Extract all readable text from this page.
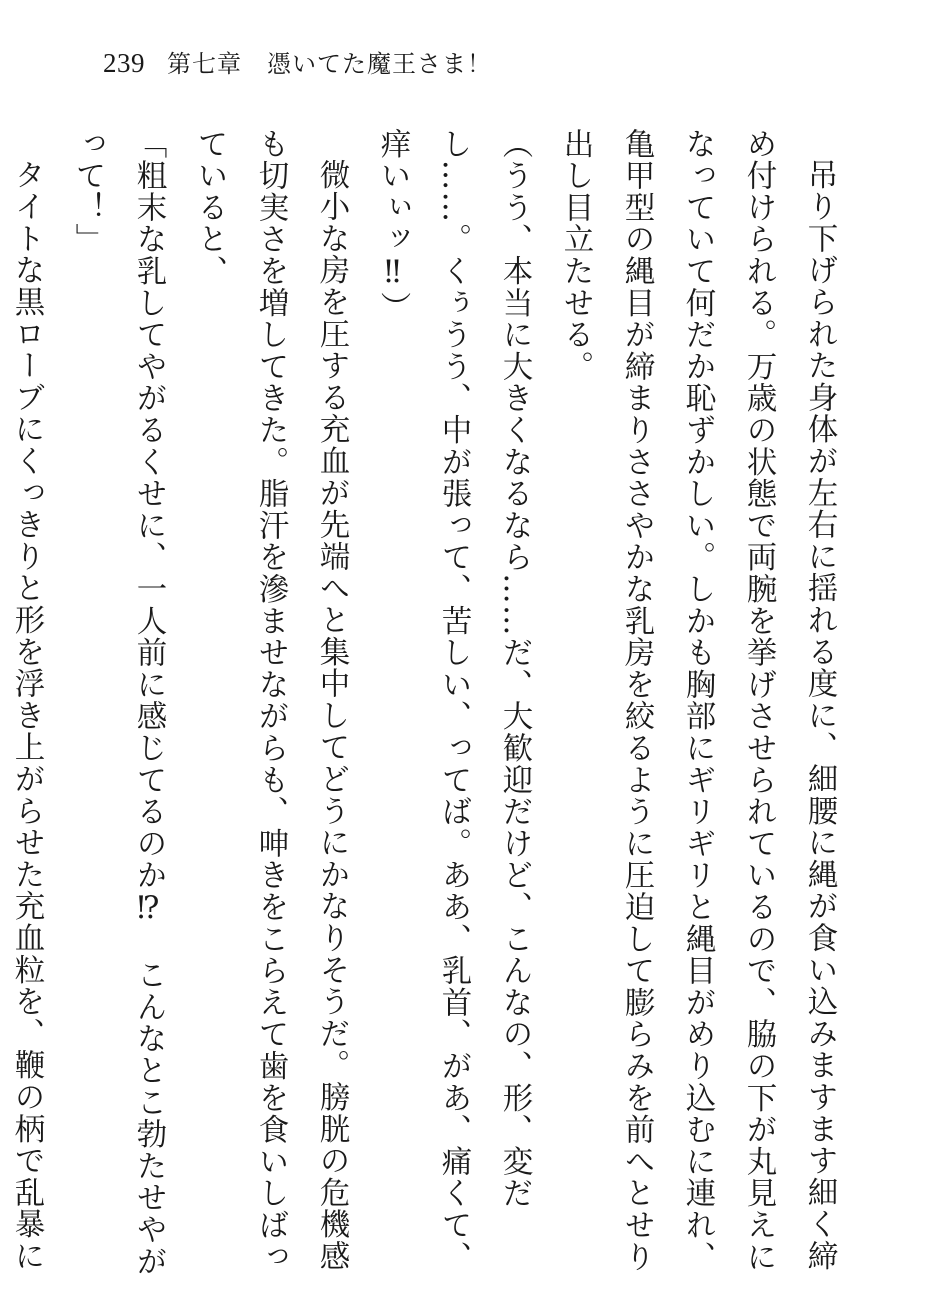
239 第七章　憑いてた魔王さま！

吊り下げられた身体が左右に揺れる度に、細腰に縄が食い込みますます細く締め付けられる。万歳の状態で両腕を挙げさせられているので、脇の下が丸見えになっていて何だか恥ずかしい。しかも胸部にギリギリと縄目がめり込むに連れ、亀甲型の縄目が締まりささやかな乳房を絞るように圧迫して膨らみを前へとせり出し目立たせる。

（うう、本当に大きくなるなら……だ、大歓迎だけど、こんなの、形、変だし……。くぅうう、中が張って、苦しい、ってば。ああ、乳首、があ、痛くて、痒いぃッ‼）

微小な房を圧する充血が先端へと集中してどうにかなりそうだ。膀胱の危機感も切実さを増してきた。脂汗を滲ませながらも、呻きをこらえて歯を食いしばっていると、

「粗末な乳してやがるくせに、一人前に感じてるのか⁉　こんなとこ勃たせやがって！」

タイトな黒ローブにくっきりと形を浮き上がらせた充血粒を、鞭の柄で乱暴に
